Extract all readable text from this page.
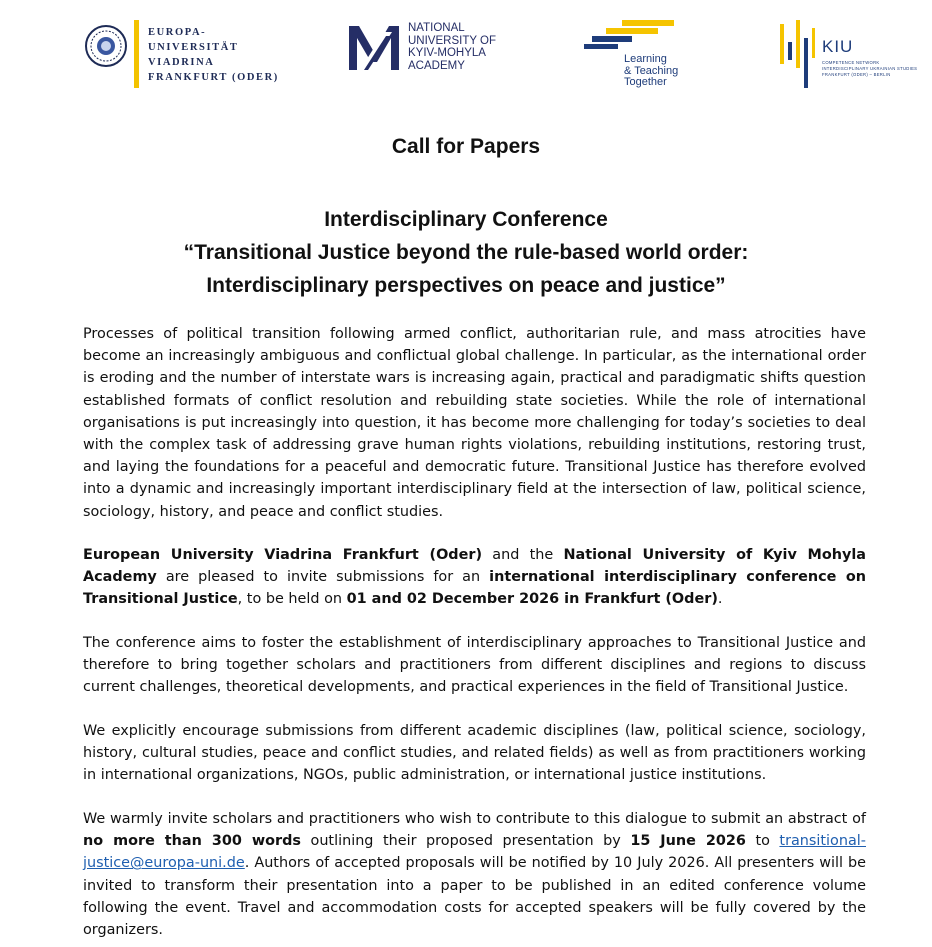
EUROPA-UNIVERSITÄT
VIADRINA
FRANKFURT (ODER)
NATIONAL
UNIVERSITY OF
KYIV-MOHYLA
ACADEMY
Learning
& Teaching
Together
KIU
COMPETENCE NETWORK
INTERDISCIPLINARY UKRAINIAN STUDIES
FRANKFURT (ODER) – BERLIN
Call for Papers
Interdisciplinary Conference
“Transitional Justice beyond the rule-based world order:
Interdisciplinary perspectives on peace and justice”
Processes of political transition following armed conflict, authoritarian rule, and mass atrocities have become an increasingly ambiguous and conflictual global challenge. In particular, as the international order is eroding and the number of interstate wars is increasing again, practical and paradigmatic shifts question established formats of conflict resolution and rebuilding state societies. While the role of international organisations is put increasingly into question, it has become more challenging for today’s societies to deal with the complex task of addressing grave human rights violations, rebuilding institutions, restoring trust, and laying the foundations for a peaceful and democratic future. Transitional Justice has therefore evolved into a dynamic and increasingly important interdisciplinary field at the intersection of law, political science, sociology, history, and peace and conflict studies.
European University Viadrina Frankfurt (Oder) and the National University of Kyiv Mohyla Academy are pleased to invite submissions for an international interdisciplinary conference on Transitional Justice, to be held on 01 and 02 December 2026 in Frankfurt (Oder).
The conference aims to foster the establishment of interdisciplinary approaches to Transitional Justice and therefore to bring together scholars and practitioners from different disciplines and regions to discuss current challenges, theoretical developments, and practical experiences in the field of Transitional Justice.
We explicitly encourage submissions from different academic disciplines (law, political science, sociology, history, cultural studies, peace and conflict studies, and related fields) as well as from practitioners working in international organizations, NGOs, public administration, or international justice institutions.
We warmly invite scholars and practitioners who wish to contribute to this dialogue to submit an abstract of no more than 300 words outlining their proposed presentation by 15 June 2026 to transitional-justice@europa-uni.de. Authors of accepted proposals will be notified by 10 July 2026. All presenters will be invited to transform their presentation into a paper to be published in an edited conference volume following the event. Travel and accommodation costs for accepted speakers will be fully covered by the organizers.
